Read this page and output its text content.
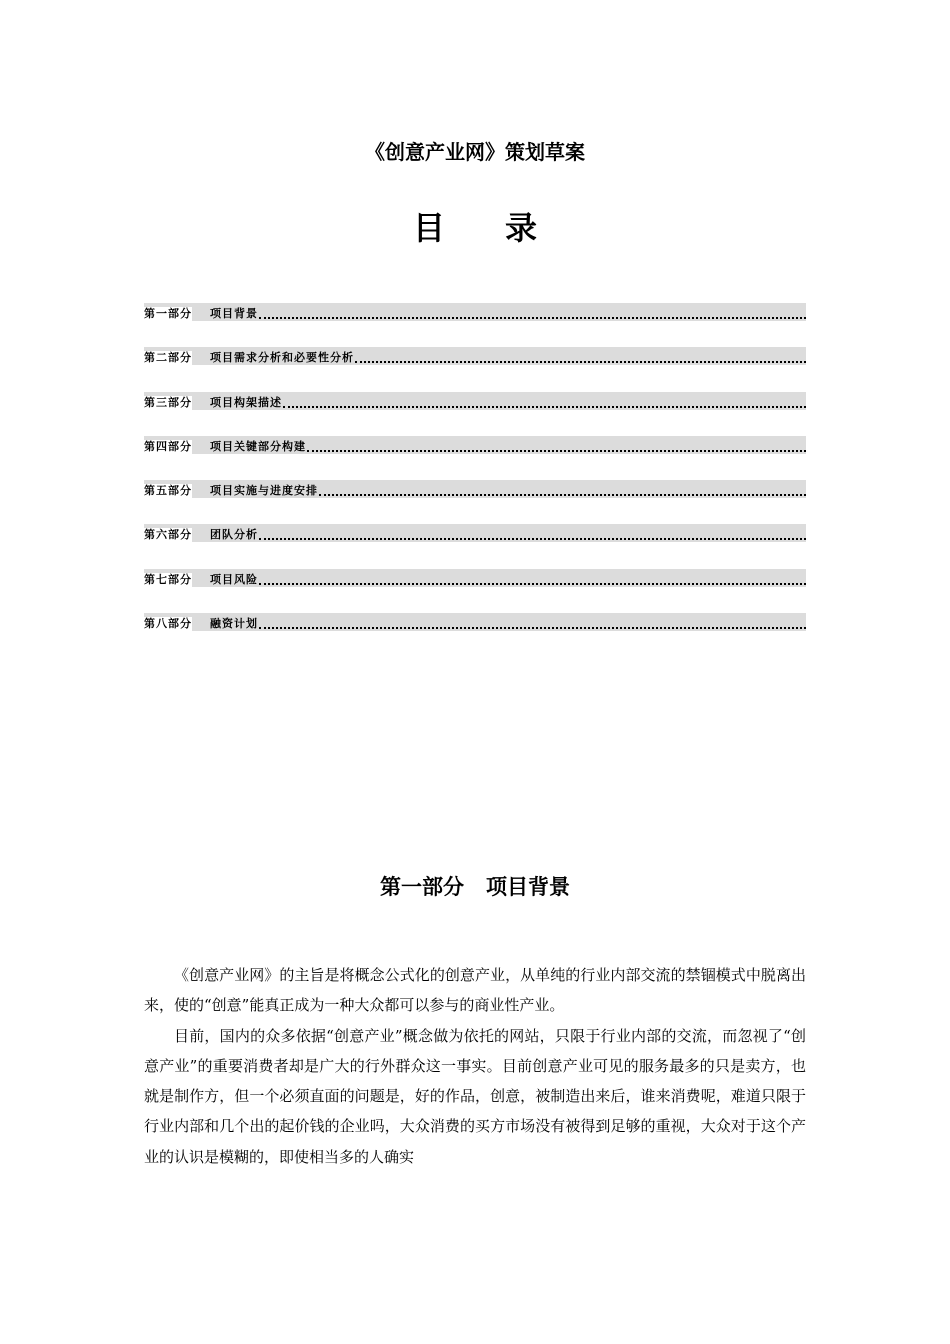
《创意产业网》策划草案
目 录
第一部分 项目背景
第二部分 项目需求分析和必要性分析
第三部分 项目构架描述
第四部分 项目关键部分构建
第五部分 项目实施与进度安排
第六部分 团队分析
第七部分 项目风险
第八部分 融资计划
第一部分 项目背景

《创意产业网》的主旨是将概念公式化的创意产业，从单纯的行业内部交流的禁锢模式中脱离出来，使的“创意”能真正成为一种大众都可以参与的商业性产业。

目前，国内的众多依据“创意产业”概念做为依托的网站，只限于行业内部的交流，而忽视了“创意产业”的重要消费者却是广大的行外群众这一事实。目前创意产业可见的服务最多的只是卖方，也就是制作方，但一个必须直面的问题是，好的作品，创意，被制造出来后，谁来消费呢，难道只限于行业内部和几个出的起价钱的企业吗，大众消费的买方市场没有被得到足够的重视，大众对于这个产业的认识是模糊的，即使相当多的人确实
